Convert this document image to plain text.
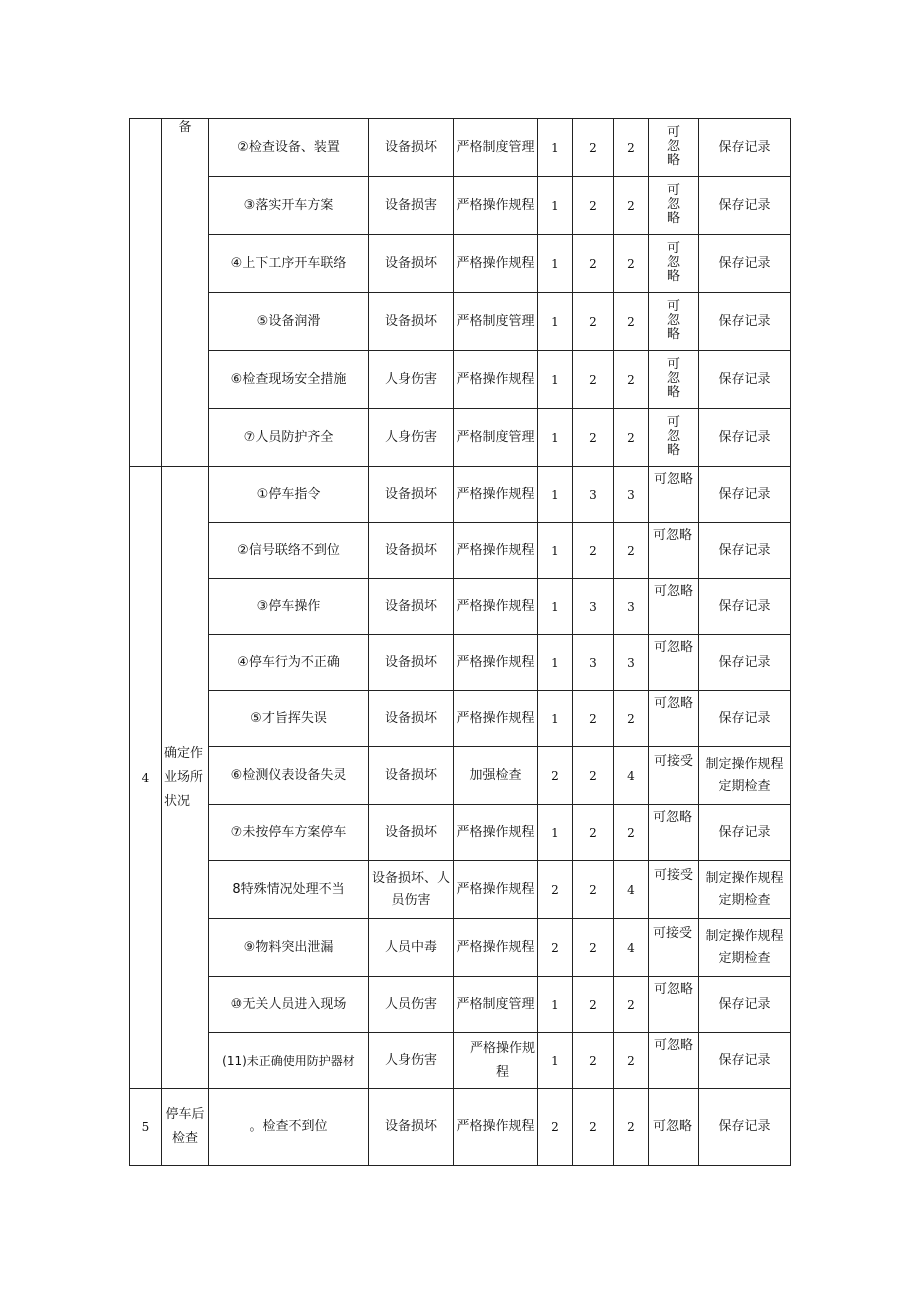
	备	②检查设备、装置	设备损坏	严格制度管理	1	2	2	可忽略	保存记录
		③落实开车方案	设备损害	严格操作规程	1	2	2	可忽略	保存记录
		④上下工序开车联络	设备损坏	严格操作规程	1	2	2	可忽略	保存记录
		⑤设备润滑	设备损坏	严格制度管理	1	2	2	可忽略	保存记录
		⑥检查现场安全措施	人身伤害	严格操作规程	1	2	2	可忽略	保存记录
		⑦人员防护齐全	人身伤害	严格制度管理	1	2	2	可忽略	保存记录
4	确定作业场所状况	①停车指令	设备损坏	严格操作规程	1	3	3	可忽略	保存记录
		②信号联络不到位	设备损坏	严格操作规程	1	2	2	可忽略	保存记录
		③停车操作	设备损坏	严格操作规程	1	3	3	可忽略	保存记录
		④停车行为不正确	设备损坏	严格操作规程	1	3	3	可忽略	保存记录
		⑤才旨挥失误	设备损坏	严格操作规程	1	2	2	可忽略	保存记录
		⑥检测仪表设备失灵	设备损坏	加强检查	2	2	4	可接受	制定操作规程定期检查
		⑦未按停车方案停车	设备损坏	严格操作规程	1	2	2	可忽略	保存记录
		8特殊情况处理不当	设备损坏、人员伤害	严格操作规程	2	2	4	可接受	制定操作规程定期检查
		⑨物料突出泄漏	人员中毒	严格操作规程	2	2	4	可接受	制定操作规程定期检查
		⑩无关人员进入现场	人员伤害	严格制度管理	1	2	2	可忽略	保存记录
		(11)未正确使用防护器材	人身伤害	严格操作规程	1	2	2	可忽略	保存记录
5	停车后检查	。检查不到位	设备损坏	严格操作规程	2	2	2	可忽略	保存记录
